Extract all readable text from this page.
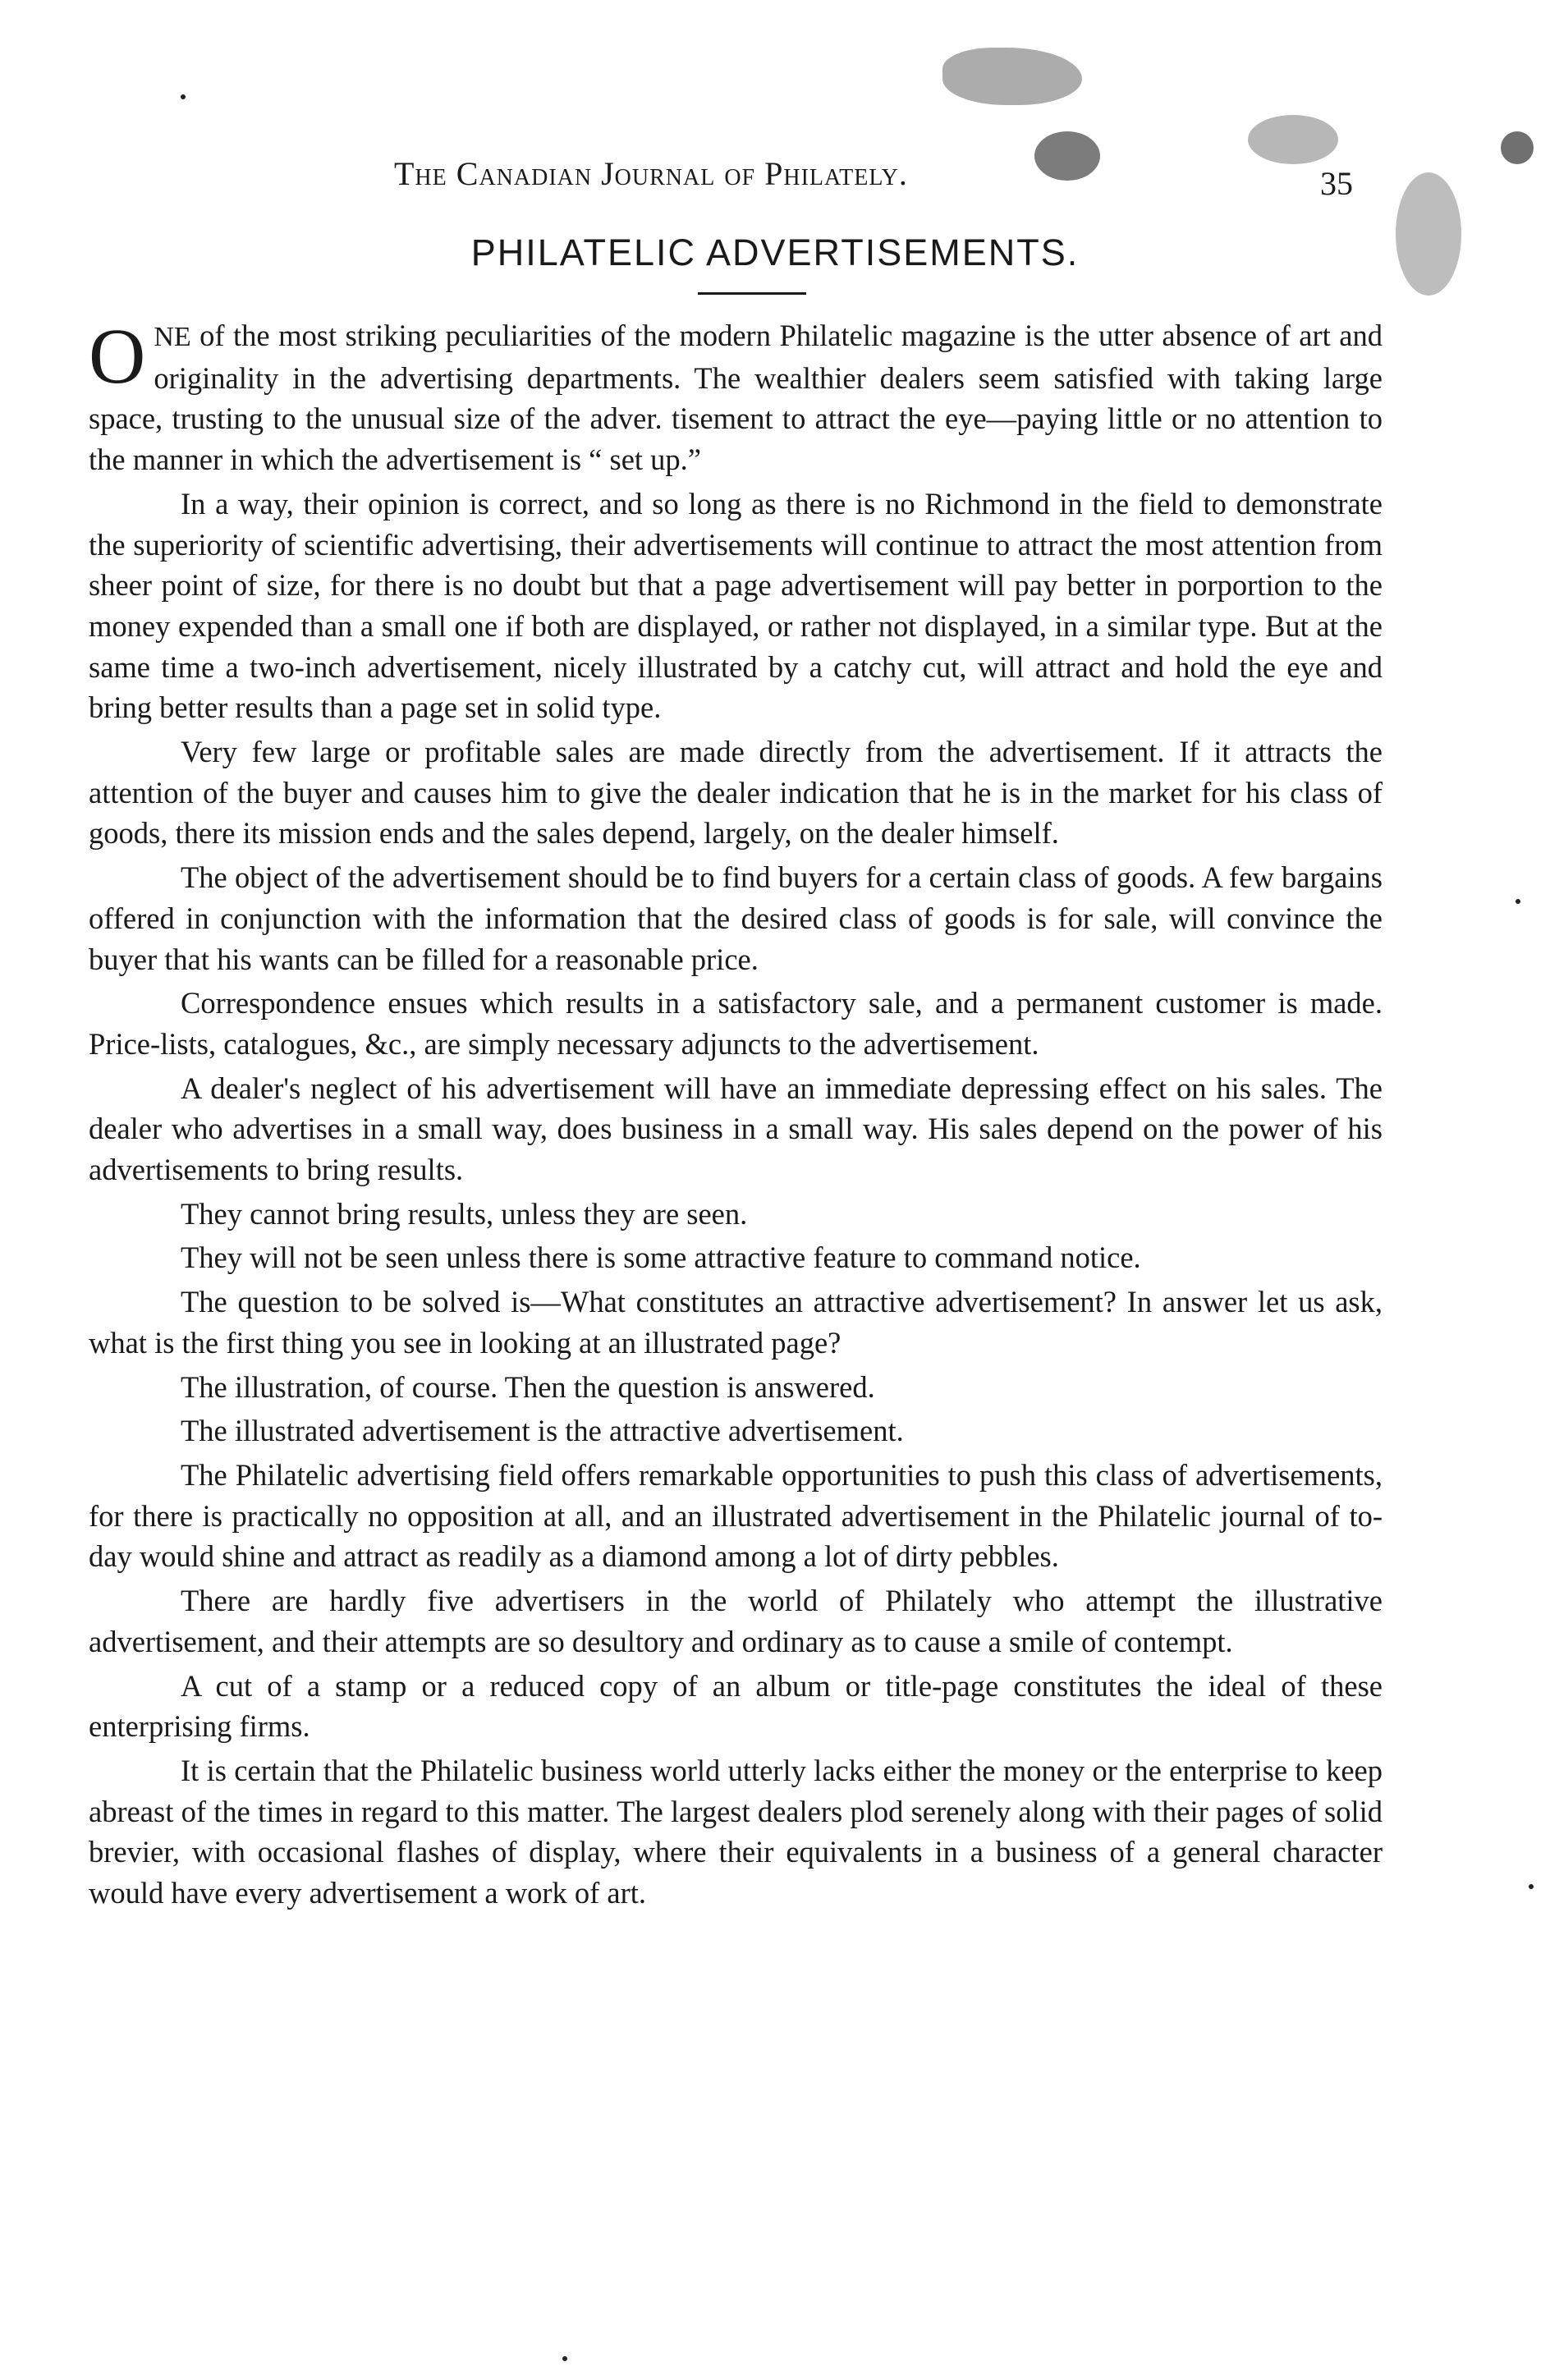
The Canadian Journal of Philately.	35
PHILATELIC ADVERTISEMENTS.

ONE of the most striking peculiarities of the modern Philatelic magazine is the utter absence of art and originality in the advertising departments. The wealthier dealers seem satisfied with taking large space, trusting to the unusual size of the adver. tisement to attract the eye—paying little or no attention to the manner in which the advertisement is “ set up.”

In a way, their opinion is correct, and so long as there is no Richmond in the field to demonstrate the superiority of scientific advertising, their advertisements will continue to attract the most attention from sheer point of size, for there is no doubt but that a page advertisement will pay better in porportion to the money expended than a small one if both are displayed, or rather not displayed, in a similar type. But at the same time a two-inch advertisement, nicely illustrated by a catchy cut, will attract and hold the eye and bring better results than a page set in solid type.

Very few large or profitable sales are made directly from the advertisement. If it attracts the attention of the buyer and causes him to give the dealer indication that he is in the market for his class of goods, there its mission ends and the sales depend, largely, on the dealer himself.

The object of the advertisement should be to find buyers for a certain class of goods. A few bargains offered in conjunction with the information that the desired class of goods is for sale, will convince the buyer that his wants can be filled for a reasonable price.

Correspondence ensues which results in a satisfactory sale, and a permanent customer is made. Price-lists, catalogues, &c., are simply necessary adjuncts to the advertisement.

A dealer's neglect of his advertisement will have an immediate depressing effect on his sales. The dealer who advertises in a small way, does business in a small way. His sales depend on the power of his advertisements to bring results.

They cannot bring results, unless they are seen.

They will not be seen unless there is some attractive feature to command notice.

The question to be solved is—What constitutes an attractive advertisement? In answer let us ask, what is the first thing you see in looking at an illustrated page?

The illustration, of course. Then the question is answered.

The illustrated advertisement is the attractive advertisement.

The Philatelic advertising field offers remarkable opportunities to push this class of advertisements, for there is practically no opposition at all, and an illustrated advertisement in the Philatelic journal of to-day would shine and attract as readily as a diamond among a lot of dirty pebbles.

There are hardly five advertisers in the world of Philately who attempt the illustrative advertisement, and their attempts are so desultory and ordinary as to cause a smile of contempt.

A cut of a stamp or a reduced copy of an album or title-page constitutes the ideal of these enterprising firms.

It is certain that the Philatelic business world utterly lacks either the money or the enterprise to keep abreast of the times in regard to this matter. The largest dealers plod serenely along with their pages of solid brevier, with occasional flashes of display, where their equivalents in a business of a general character would have every advertisement a work of art.
